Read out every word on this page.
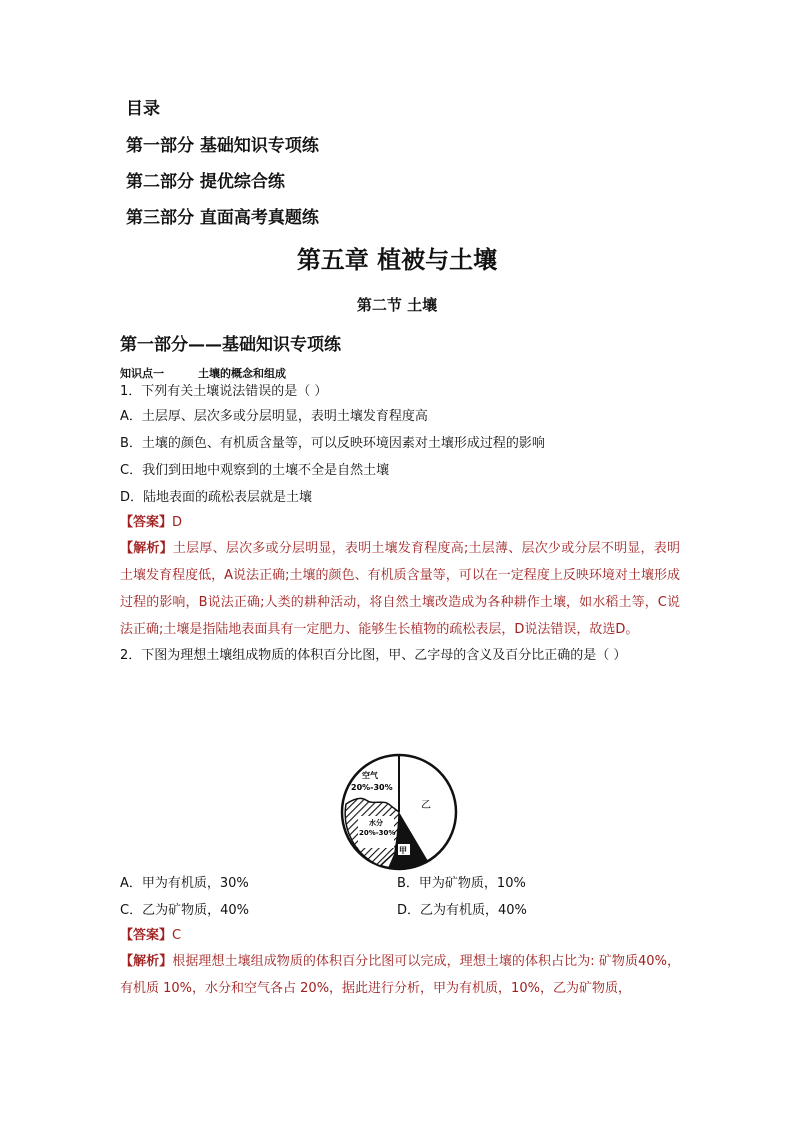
目录
第一部分 基础知识专项练
第二部分 提优综合练
第三部分 直面高考真题练
第五章 植被与土壤
第二节 土壤
第一部分——基础知识专项练
知识点一	土壤的概念和组成
1．下列有关土壤说法错误的是（ ）
A．土层厚、层次多或分层明显，表明土壤发育程度高
B．土壤的颜色、有机质含量等，可以反映环境因素对土壤形成过程的影响
C．我们到田地中观察到的土壤不全是自然土壤
D．陆地表面的疏松表层就是土壤
【答案】D
【解析】土层厚、层次多或分层明显，表明土壤发育程度高;土层薄、层次少或分层不明显，表明土壤发育程度低，A说法正确;土壤的颜色、有机质含量等，可以在一定程度上反映环境对土壤形成过程的影响，B说法正确;人类的耕种活动，将自然土壤改造成为各种耕作土壤，如水稻土等，C说法正确;土壤是指陆地表面具有一定肥力、能够生长植物的疏松表层，D说法错误，故选D。
2．下图为理想土壤组成物质的体积百分比图，甲、乙字母的含义及百分比正确的是（ ）
空气
20%-30%
水分
20%-30%
乙
甲
A．甲为有机质，30%	B．甲为矿物质，10%
C．乙为矿物质，40%	D．乙为有机质，40%
【答案】C
【解析】根据理想土壤组成物质的体积百分比图可以完成，理想土壤的体积占比为: 矿物质40%，有机质 10%，水分和空气各占 20%，据此进行分析，甲为有机质，10%，乙为矿物质，
